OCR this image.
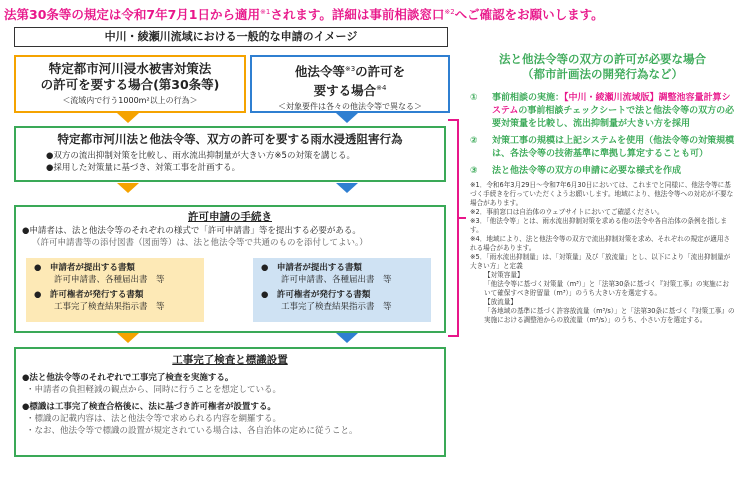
法第30条等の規定は令和7年7月1日から適用$^{※1}$されます。詳細は事前相談窓口$^{※2}$へご確認をお願いします。
中川・綾瀬川流域における一般的な申請のイメージ
特定都市河川浸水被害対策法
の許可を要する場合(第30条等)
＜流域内で行う1000m²以上の行為＞
他法令等$^{※3}$の許可を
要する場合$^{※4}$
＜対象要件は各々の他法令等で異なる＞
特定都市河川法と他法令等、双方の許可を要する雨水浸透阻害行為
●双方の流出抑制対策を比較し、雨水流出抑制量が大きい方※5の対策を講じる。
●採用した対策量に基づき、対策工事を計画する。
許可申請の手続き
●申請者は、法と他法令等のそれぞれの様式で「許可申請書」等を提出する必要がある。
（許可申請書等の添付図書（図面等）は、法と他法令等で共通のものを添付してよい。）
●　申請者が提出する書類
許可申請書、各種届出書　等
●　許可権者が発行する書類
工事完了検査結果指示書　等
●　申請者が提出する書類
許可申請書、各種届出書　等
●　許可権者が発行する書類
工事完了検査結果指示書　等
工事完了検査と標識設置
●法と他法令等のそれぞれで工事完了検査を実施する。
・申請者の負担軽減の観点から、同時に行うことを想定している。
●標識は工事完了検査合格後に、法に基づき許可権者が設置する。
・標識の記載内容は、法と他法令等で求められる内容を網羅する。
・なお、他法令等で標識の設置が規定されている場合は、各自治体の定めに従うこと。
法と他法令等の双方の許可が必要な場合
（都市計画法の開発行為など）
①	事前相談の実施：【中川・綾瀬川流域版】調整池容量計算システムの事前相談チェックシートで法と他法令等の双方の必要対策量を比較し、流出抑制量が大きい方を採用
②	対策工事の規模は上記システムを使用（他法令等の対策規模は、各法令等の技術基準に準拠し算定することも可）
③	法と他法令等の双方の申請に必要な様式を作成
※1．令和6年3月29日～令和7年6月30日においては、これまでと同様に、他法令等に基づく手続きを行っていただくようお願いします。地域により、他法令等への対応が不要な場合があります。
※2．事前窓口は自治体のウェブサイトにおいてご確認ください。
※3．「他法令等」とは、雨水流出抑制対策を求める他の法令や各自治体の条例を指します。
※4．地域により、法と他法令等の双方で流出抑制対策を求め、それぞれの規定が適用される場合があります。
※5．「雨水流出抑制量」は、「対策量」及び「放流量」とし、以下により「流出抑制量が大きい方」と定義
【対策容量】
「他法令等に基づく対策量（m³）」と「法第30条に基づく『対策工事』の実施において確保すべき貯留量（m³）」のうち大きい方を選定する。
【放流量】
「各地域の基準に基づく許容放流量（m³/s）」と「法第30条に基づく『対策工事』の実施における調整池からの放流量（m³/s）」のうち、小さい方を選定する。
